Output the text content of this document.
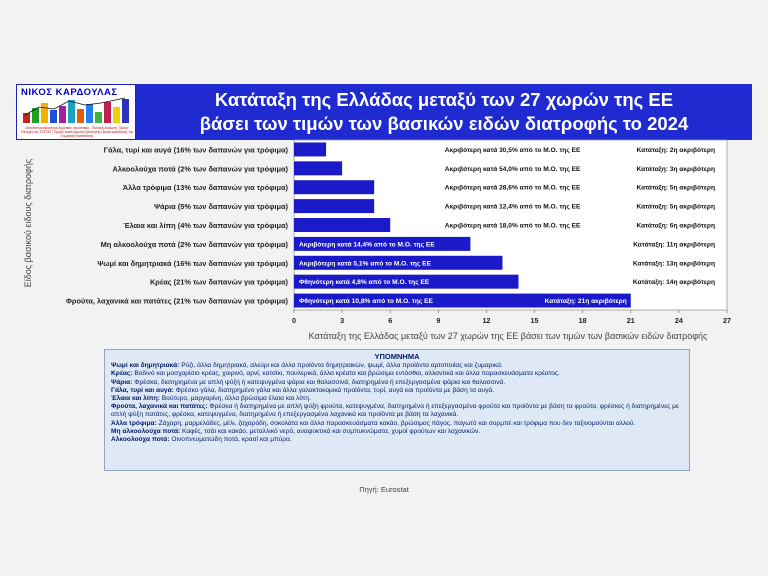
ΝΙΚΟΣ ΚΑΡΔΟΥΛΑΣ
Στατιστική ανάλυση και Αγροτικές προοπτικές - Πολιτική Ανάλυση. Πρώην Στέλεχος της ΕΛΣΤΑΤ / Πρώην Αναπληρωτής Ερευνητής Πρώην Διευθυντής της Γεωργικής Κατάστασης
Κατάταξη της Ελλάδας μεταξύ των 27 χωρών της ΕΕ
βάσει των τιμών των βασικών ειδών διατροφής το 2024
Είδος βασικού ειδους διατροφής
Γάλα, τυρί και αυγά (16% των δαπανών για τρόφιμα)	Ακριβότερη κατά 30,5% από το Μ.Ο. της ΕΕ	Κατάταξη: 2η ακριβότερη
Αλκοολούχα ποτά (2% των δαπανών για τρόφιμα)	Ακριβότερη κατά 54,0% από το Μ.Ο. της ΕΕ	Κατάταξη: 3η ακριβότερη
Άλλα τρόφιμα (13% των δαπανών για τρόφιμα)	Ακριβότερη κατά 28,6% από το Μ.Ο. της ΕΕ	Κατάταξη: 5η ακριβότερη
Ψάρια (5% των δαπανών για τρόφιμα)	Ακριβότερη κατά 12,4% από το Μ.Ο. της ΕΕ	Κατάταξη: 5η ακριβότερη
Έλαια και λίπη (4% των δαπανών για τρόφιμα)	Ακριβότερη κατά 18,0% από το Μ.Ο. της ΕΕ	Κατάταξη: 6η ακριβότερη
Μη αλκοολούχα ποτά (2% των δαπανών για τρόφιμα) Ακριβότερη κατά 14,4% από το Μ.Ο. της ΕΕ	Κατάταξη: 11η ακριβότερη
Ψωμί και δημητριακά (16% των δαπανών για τρόφιμα) Ακριβότερη κατά 5,1% από το Μ.Ο. της ΕΕ	Κατάταξη: 13η ακριβότερη
Κρέας (21% των δαπανών για τρόφιμα) Φθηνότερη κατά 4,8% από το Μ.Ο. της ΕΕ	Κατάταξη: 14η ακριβότερη
Φρούτα, λαχανικά και πατάτες (21% των δαπανών για τρόφιμα) Φθηνότερη κατά 10,8% από το Μ.Ο. της ΕΕ	Κατάταξη: 21η ακριβότερη
0	3	6	9	12	15	18	21	24	27
Κατάταξη της Ελλάδας μεταξύ των 27 χωρών της ΕΕ βάσει των τιμών των βασικών ειδών διατροφής
ΥΠΟΜΝΗΜΑ
Ψωμί και δημητριακά: Ρύζι, άλλα δημητριακά, αλεύρι και άλλα προϊόντα δημητριακών, ψωμί, άλλα προϊόντα αρτοποιίας και ζυμαρικά.
Κρέας: Βοδινό και μοσχαρίσιο κρέας, χοιρινό, αρνί, κατσίκι, πουλερικά, άλλα κρέατα και βρώσιμα εντόσθια, αλλαντικά και άλλα παρασκευάσματα κρέατος.
Ψάρια: Φρέσκα, διατηρημένα με απλή ψύξη ή κατεψυγμένα ψάρια και θαλασσινά, διατηρημένα ή επεξεργασμένα ψάρια και θαλασσινά.
Γάλα, τυρί και αυγά: Φρέσκο γάλα, διατηρημένο γάλα και άλλα γαλακτοκομικά προϊόντα, τυρί, αυγά και προϊόντα με βάση τα αυγά.
Έλαια και λίπη: Βούτυρο, μαργαρίνη, άλλα βρώσιμα έλαια και λίπη.
Φρούτα, λαχανικά και πατάτες: Φρέσκα ή διατηρημένα με απλή ψύξη φρούτα, κατεψυγμένα, διατηρημένα ή επεξεργασμένα φρούτα και προϊόντα με βάση τα φρούτα, φρέσκες ή διατηρημένες με απλή ψύξη πατάτες, φρέσκα, κατεψυγμένα, διατηρημένα ή επεξεργασμένα λαχανικά και προϊόντα με βάση τα λαχανικά.
Άλλα τρόφιμα: Ζάχαρη, μαρμελάδες, μέλι, ζαχαρόδη, σοκολάτα και άλλα παρασκευάσματα κακάο, βρώσιμος πάγος, παγωτό και σορμπέ και τρόφιμα που δεν ταξινομούνται αλλού.
Μη αλκοολούχα ποτά: Καφές, τσάι και κακάο, μεταλλικό νερό, αναψυκτικά και συμπυκνώματα, χυμοί φρούτων και λαχανικών.
Αλκοολούχα ποτά: Οινοπνευματώδη ποτά, κρασί και μπύρα.
Πηγή: Eurostat
